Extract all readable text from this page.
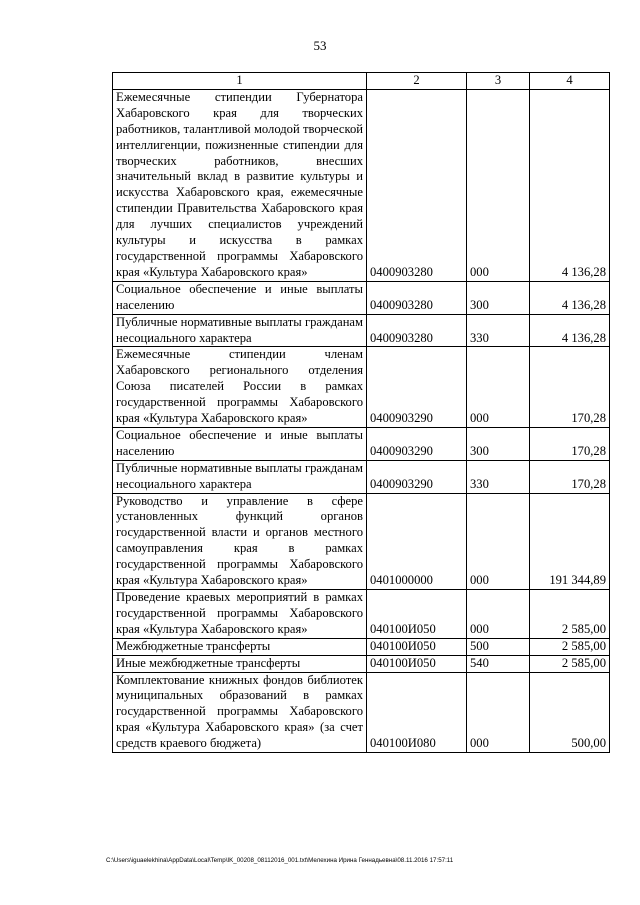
53
1	2	3	4
Ежемесячные стипендии Губернатора Хабаровского края для творческих работников, талантливой молодой творческой интеллигенции, пожизненные стипендии для творческих работников, внесших значительный вклад в развитие культуры и искусства Хабаровского края, ежемесячные стипендии Правительства Хабаровского края для лучших специалистов учреждений культуры и искусства в рамках государственной программы Хабаровского края «Культура Хабаровского края»	0400903280	000	4 136,28
Социальное обеспечение и иные выплаты населению	0400903280	300	4 136,28
Публичные нормативные выплаты гражданам несоциального характера	0400903280	330	4 136,28
Ежемесячные стипендии членам Хабаровского регионального отделения Союза писателей России в рамках государственной программы Хабаровского края «Культура Хабаровского края»	0400903290	000	170,28
Социальное обеспечение и иные выплаты населению	0400903290	300	170,28
Публичные нормативные выплаты гражданам несоциального характера	0400903290	330	170,28
Руководство и управление в сфере установленных функций органов государственной власти и органов местного самоуправления края в рамках государственной программы Хабаровского края «Культура Хабаровского края»	0401000000	000	191 344,89
Проведение краевых мероприятий в рамках государственной программы Хабаровского края «Культура Хабаровского края»	040100И050	000	2 585,00
Межбюджетные трансферты	040100И050	500	2 585,00
Иные межбюджетные трансферты	040100И050	540	2 585,00
Комплектование книжных фондов библиотек муниципальных образований в рамках государственной программы Хабаровского края «Культура Хабаровского края» (за счет средств краевого бюджета)	040100И080	000	500,00
C:\Users\iguaelekhina\AppData\Local\Temp\IK_00208_08112016_001.txt\Мелехина Ирина Геннадьевна\08.11.2016 17:57:11
